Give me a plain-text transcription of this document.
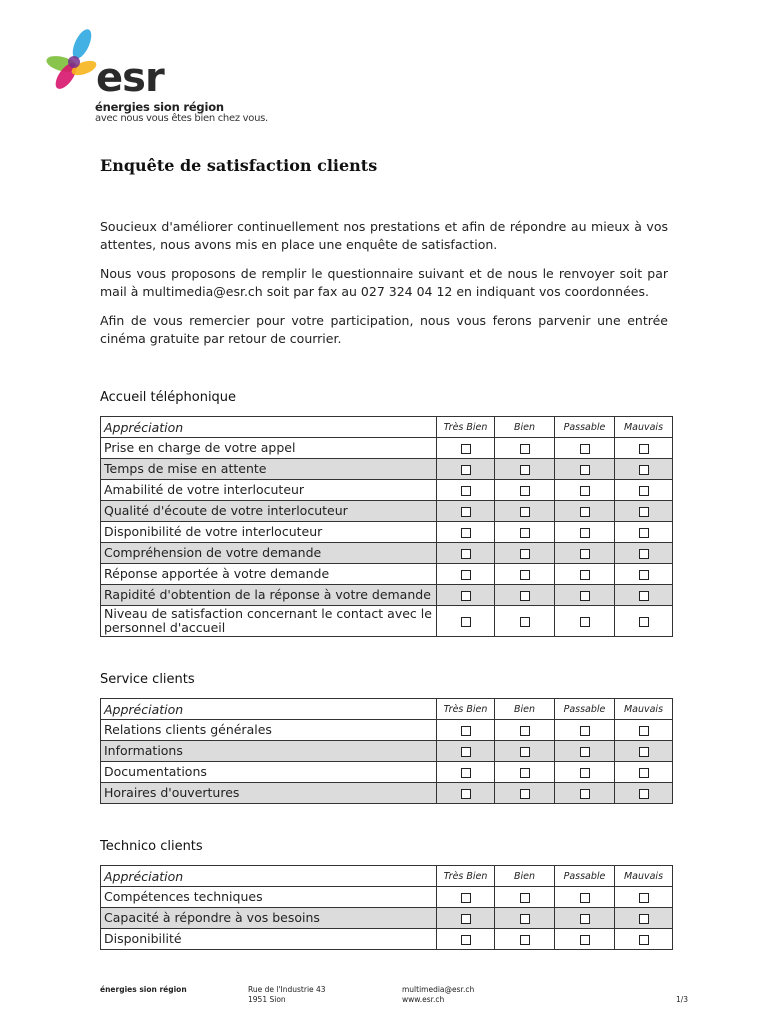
esr
énergies sion région
avec nous vous êtes bien chez vous.
Enquête de satisfaction clients

Soucieux d'améliorer continuellement nos prestations et afin de répondre au mieux à vos attentes, nous avons mis en place une enquête de satisfaction.

Nous vous proposons de remplir le questionnaire suivant et de nous le renvoyer soit par mail à multimedia@esr.ch soit par fax au 027 324 04 12 en indiquant vos coordonnées.

Afin de vous remercier pour votre participation, nous vous ferons parvenir une entrée cinéma gratuite par retour de courrier.

Accueil téléphonique
Appréciation	Très Bien	Bien	Passable	Mauvais
Prise en charge de votre appel				
Temps de mise en attente				
Amabilité de votre interlocuteur				
Qualité d'écoute de votre interlocuteur				
Disponibilité de votre interlocuteur				
Compréhension de votre demande				
Réponse apportée à votre demande				
Rapidité d'obtention de la réponse à votre demande				
Niveau de satisfaction concernant le contact avec le personnel d'accueil				
Service clients
Appréciation	Très Bien	Bien	Passable	Mauvais
Relations clients générales				
Informations				
Documentations				
Horaires d'ouvertures				
Technico clients
Appréciation	Très Bien	Bien	Passable	Mauvais
Compétences techniques				
Capacité à répondre à vos besoins				
Disponibilité				
énergies sion région	Rue de l'Industrie 43
1951 Sion
multimedia@esr.ch
www.esr.ch	1/3
